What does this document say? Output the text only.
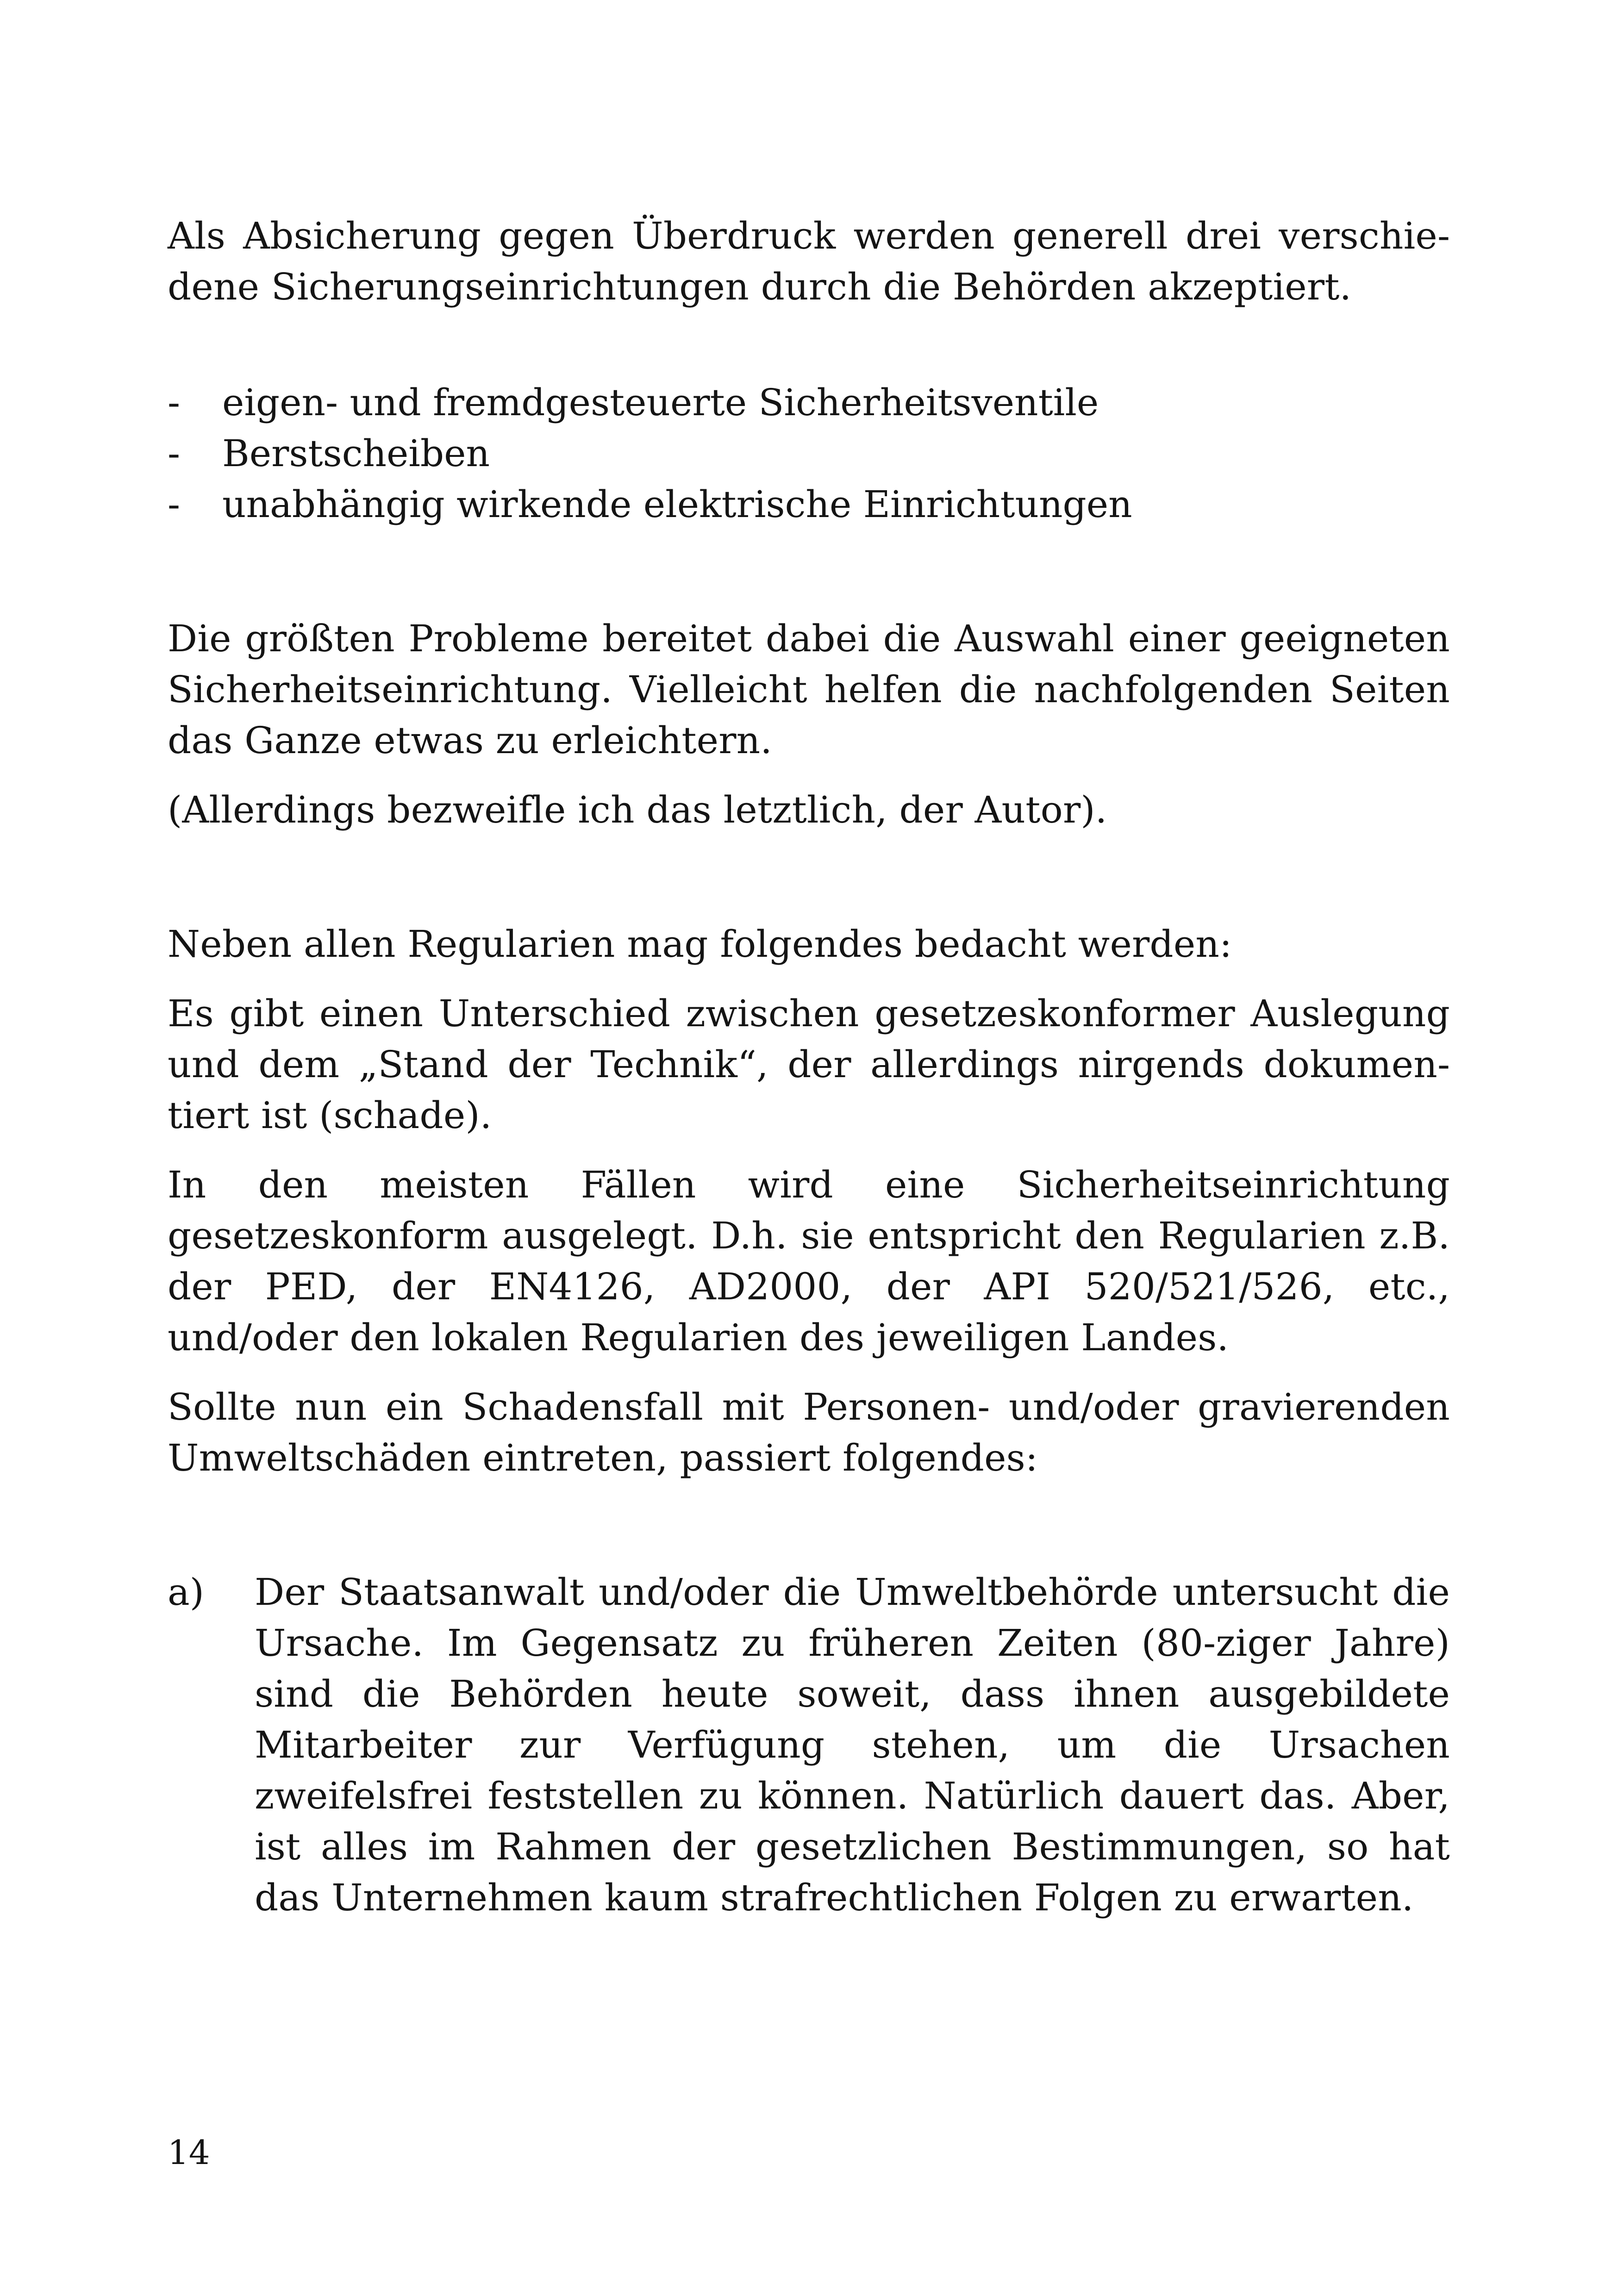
Als Absicherung gegen Überdruck werden generell drei verschiedene Sicherungseinrichtungen durch die Behörden akzeptiert.

- eigen- und fremdgesteuerte Sicherheitsventile
- Berstscheiben
- unabhängig wirkende elektrische Einrichtungen

Die größten Probleme bereitet dabei die Auswahl einer geeigneten Sicherheitseinrichtung. Vielleicht helfen die nachfolgenden Seiten das Ganze etwas zu erleichtern.

(Allerdings bezweifle ich das letztlich, der Autor).

Neben allen Regularien mag folgendes bedacht werden:

Es gibt einen Unterschied zwischen gesetzeskonformer Auslegung und dem „Stand der Technik“, der allerdings nirgends dokumentiert ist (schade).

In den meisten Fällen wird eine Sicherheitseinrichtung gesetzeskonform ausgelegt. D.h. sie entspricht den Regularien z.B. der PED, der EN4126, AD2000, der API 520/521/526, etc., und/oder den lokalen Regularien des jeweiligen Landes.

Sollte nun ein Schadensfall mit Personen- und/oder gravierenden Umweltschäden eintreten, passiert folgendes:

a) Der Staatsanwalt und/oder die Umweltbehörde untersucht die Ursache. Im Gegensatz zu früheren Zeiten (80-ziger Jahre) sind die Behörden heute soweit, dass ihnen ausgebildete Mitarbeiter zur Verfügung stehen, um die Ursachen zweifelsfrei feststellen zu können. Natürlich dauert das. Aber, ist alles im Rahmen der gesetzlichen Bestimmungen, so hat das Unternehmen kaum strafrechtlichen Folgen zu erwarten.

14
